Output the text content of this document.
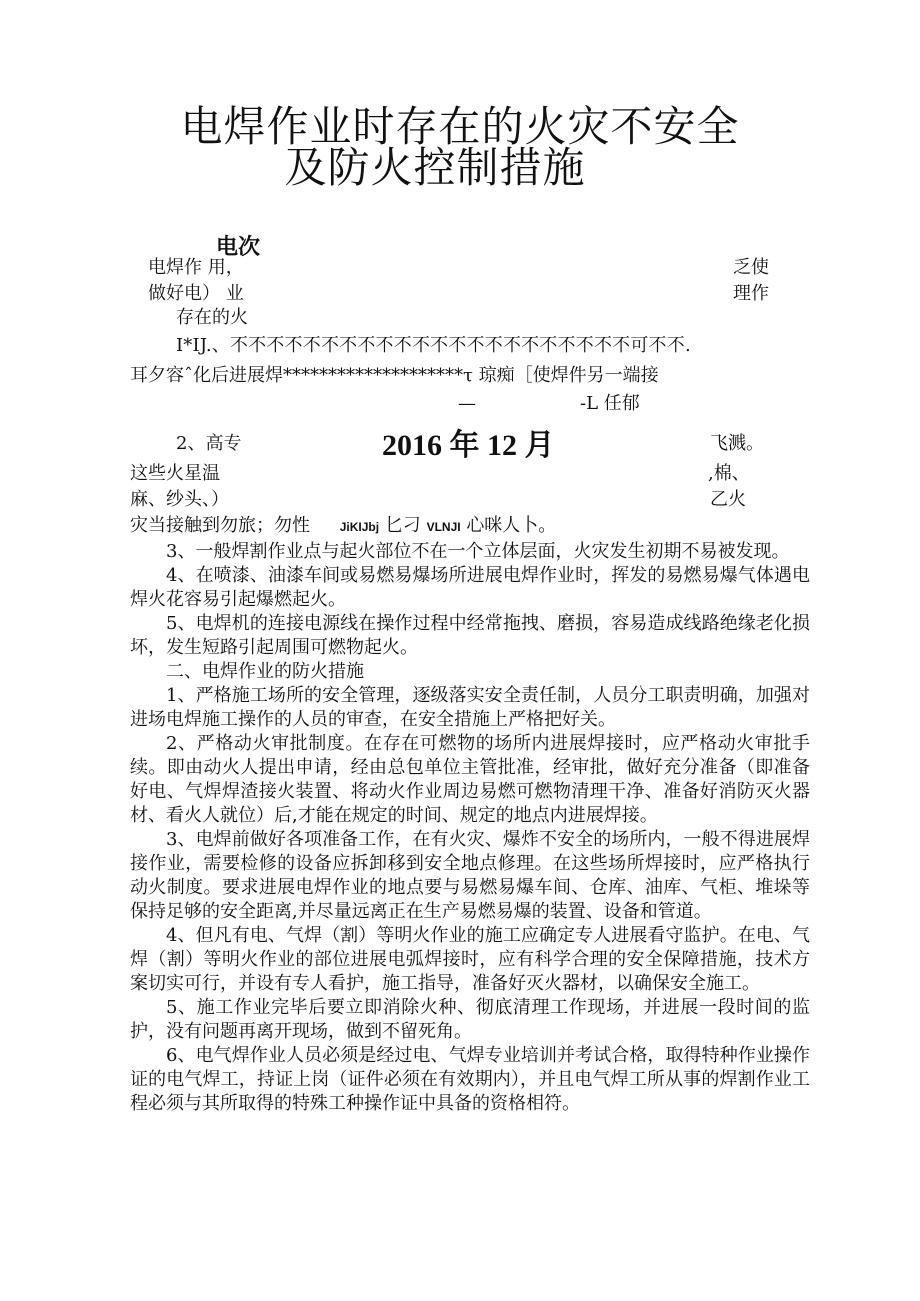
电焊作业时存在的火灾不安全
及防火控制措施
电次
电焊作 用，	乏使
做好电） 业	理作
存在的火
I*IJ.、不不不不不不不不不不不不不不不不不不不不不不可不不.
耳夕容ˆ化后进展焊********************τ 琼痴［使焊件另一端接
—	-L 任郁
2、高专	2016 年 12 月	飞溅。
这些火星温	,棉、
麻、纱头、）	乙火
灾当接触到勿旅；勿性 JiKIJbj 匕刁 VLNJI 心咪人卜。

3、一般焊割作业点与起火部位不在一个立体层面，火灾发生初期不易被发现。

4、在喷漆、油漆车间或易燃易爆场所进展电焊作业时，挥发的易燃易爆气体遇电焊火花容易引起爆燃起火。

5、电焊机的连接电源线在操作过程中经常拖拽、磨损，容易造成线路绝缘老化损坏，发生短路引起周围可燃物起火。

二、电焊作业的防火措施

1、严格施工场所的安全管理，逐级落实安全责任制，人员分工职责明确，加强对进场电焊施工操作的人员的审查，在安全措施上严格把好关。

2、严格动火审批制度。在存在可燃物的场所内进展焊接时，应严格动火审批手续。即由动火人提出申请，经由总包单位主管批准，经审批，做好充分准备（即准备好电、气焊焊渣接火装置、将动火作业周边易燃可燃物清理干净、准备好消防灭火器材、看火人就位）后,才能在规定的时间、规定的地点内进展焊接。

3、电焊前做好各项准备工作，在有火灾、爆炸不安全的场所内，一般不得进展焊接作业，需要检修的设备应拆卸移到安全地点修理。在这些场所焊接时，应严格执行动火制度。要求进展电焊作业的地点要与易燃易爆车间、仓库、油库、气柜、堆垛等保持足够的安全距离,并尽量远离正在生产易燃易爆的装置、设备和管道。

4、但凡有电、气焊（割）等明火作业的施工应确定专人进展看守监护。在电、气焊（割）等明火作业的部位进展电弧焊接时，应有科学合理的安全保障措施，技术方案切实可行，并设有专人看护，施工指导，准备好灭火器材，以确保安全施工。

5、施工作业完毕后要立即消除火种、彻底清理工作现场，并进展一段时间的监护，没有问题再离开现场，做到不留死角。

6、电气焊作业人员必须是经过电、气焊专业培训并考试合格，取得特种作业操作证的电气焊工，持证上岗（证件必须在有效期内），并且电气焊工所从事的焊割作业工程必须与其所取得的特殊工种操作证中具备的资格相符。
